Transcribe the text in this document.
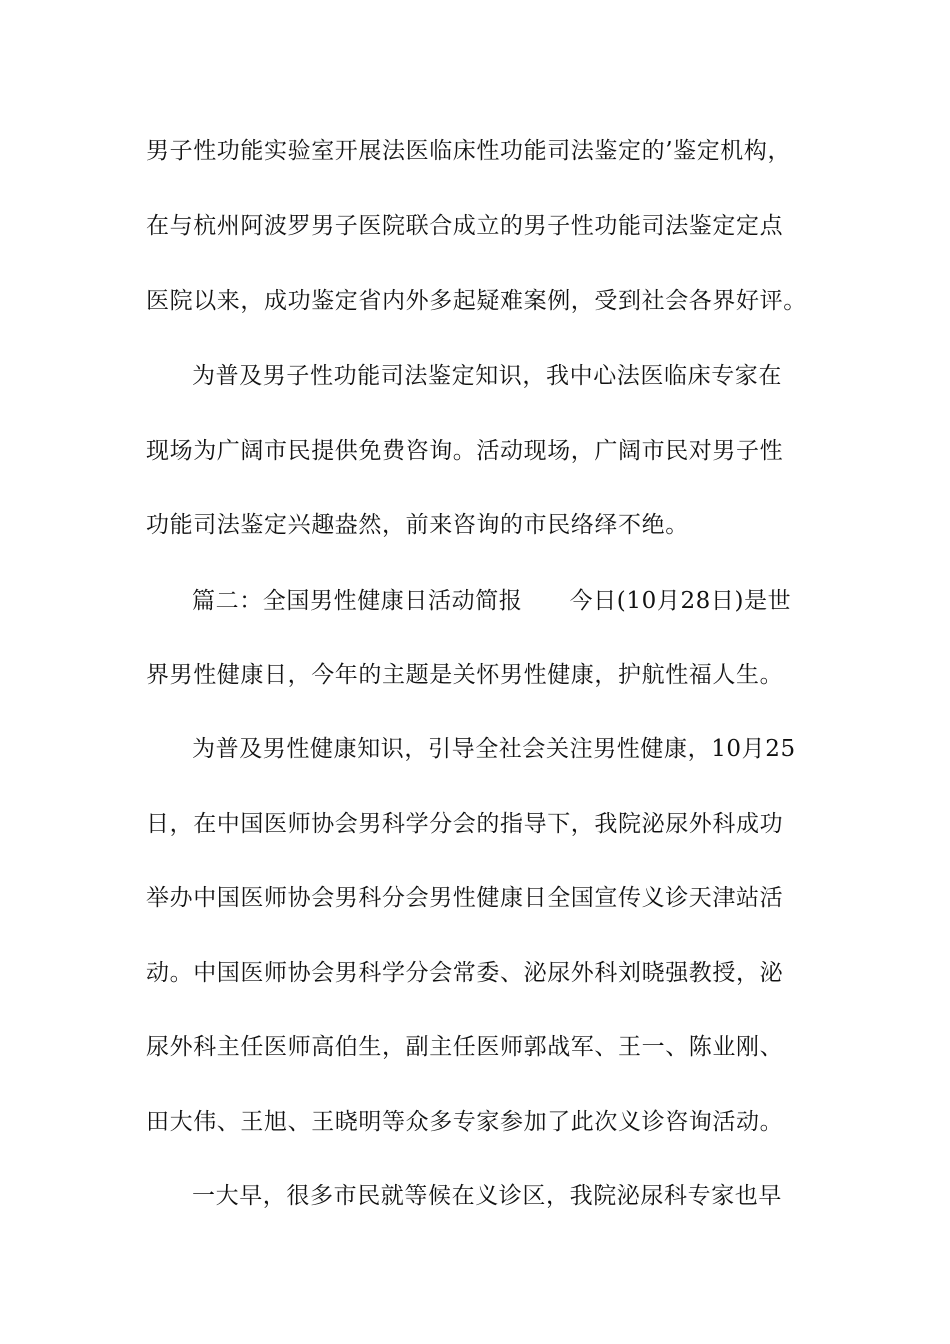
男子性功能实验室开展法医临床性功能司法鉴定的’鉴定机构，
在与杭州阿波罗男子医院联合成立的男子性功能司法鉴定定点
医院以来，成功鉴定省内外多起疑难案例，受到社会各界好评。
为普及男子性功能司法鉴定知识，我中心法医临床专家在
现场为广阔市民提供免费咨询。活动现场，广阔市民对男子性
功能司法鉴定兴趣盎然，前来咨询的市民络绎不绝。
篇二：全国男性健康日活动简报　　今日(10月28日)是世
界男性健康日，今年的主题是关怀男性健康，护航性福人生。
为普及男性健康知识，引导全社会关注男性健康，10月25
日，在中国医师协会男科学分会的指导下，我院泌尿外科成功
举办中国医师协会男科分会男性健康日全国宣传义诊天津站活
动。中国医师协会男科学分会常委、泌尿外科刘晓强教授，泌
尿外科主任医师高伯生，副主任医师郭战军、王一、陈业刚、
田大伟、王旭、王晓明等众多专家参加了此次义诊咨询活动。
一大早，很多市民就等候在义诊区，我院泌尿科专家也早
